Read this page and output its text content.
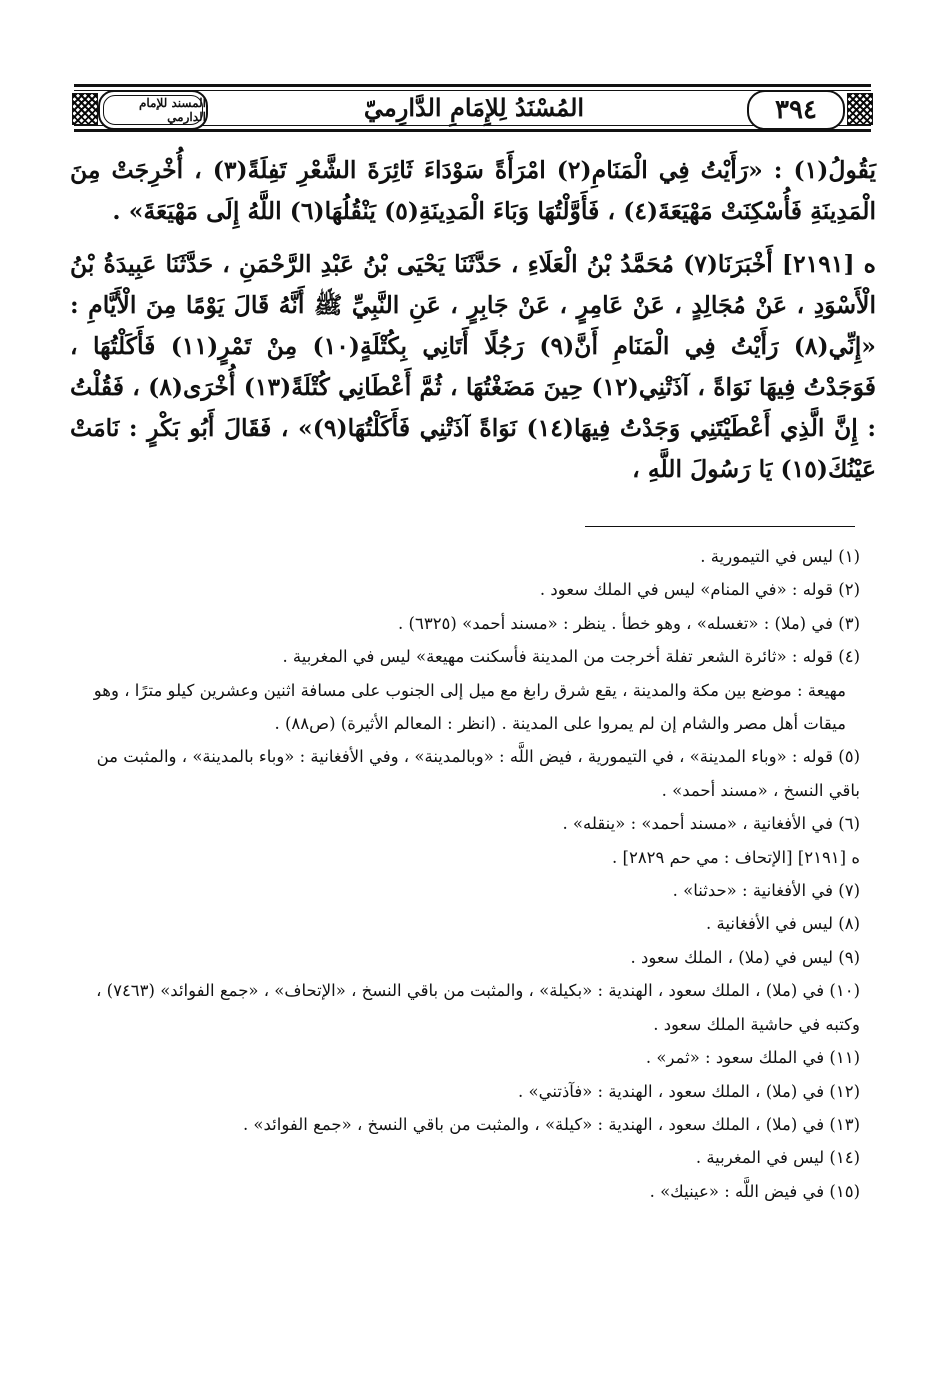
المسند للإمام الدارمي	المُسْنَدُ لِلإِمَامِ الدَّارِميّ	٣٩٤

يَقُولُ(١) : «رَأَيْتُ فِي الْمَنَامِ(٢) امْرَأَةً سَوْدَاءَ ثَائِرَةَ الشَّعْرِ تَفِلَةً(٣) ، أُخْرِجَتْ مِنَ الْمَدِينَةِ فَأُسْكِنَتْ مَهْيَعَةَ(٤) ، فَأَوَّلْتُهَا وَبَاءَ الْمَدِينَةِ(٥) يَنْقُلُهَا(٦) اللَّهُ إِلَى مَهْيَعَةَ» .

ه [٢١٩١] أَخْبَرَنَا(٧) مُحَمَّدُ بْنُ الْعَلَاءِ ، حَدَّثَنَا يَحْيَى بْنُ عَبْدِ الرَّحْمَنِ ، حَدَّثَنَا عَبِيدَةُ بْنُ الْأَسْوَدِ ، عَنْ مُجَالِدٍ ، عَنْ عَامِرٍ ، عَنْ جَابِرٍ ، عَنِ النَّبِيِّ ﷺ أَنَّهُ قَالَ يَوْمًا مِنَ الْأَيَّامِ : «إِنِّي(٨) رَأَيْتُ فِي الْمَنَامِ أَنَّ(٩) رَجُلًا أَتَانِي بِكُتْلَةٍ(١٠) مِنْ تَمْرٍ(١١) فَأَكَلْتُهَا ، فَوَجَدْتُ فِيهَا نَوَاةً ، آذَتْنِي(١٢) حِينَ مَضَغْتُهَا ، ثُمَّ أَعْطَانِي كُتْلَةً(١٣) أُخْرَى(٨) ، فَقُلْتُ : إِنَّ الَّذِي أَعْطَيْتَنِي وَجَدْتُ فِيهَا(١٤) نَوَاةً آذَتْنِي فَأَكَلْتُهَا(٩)» ، فَقَالَ أَبُو بَكْرٍ : نَامَتْ عَيْنُكَ(١٥) يَا رَسُولَ اللَّهِ ،

(١) ليس في التيمورية .

(٢) قوله : «في المنام» ليس في الملك سعود .

(٣) في (ملا) : «تغسله» ، وهو خطأ . ينظر : «مسند أحمد» (٦٣٢٥) .

(٤) قوله : «ثائرة الشعر تفلة أخرجت من المدينة فأسكنت مهيعة» ليس في المغربية .

مهيعة : موضع بين مكة والمدينة ، يقع شرق رابغ مع ميل إلى الجنوب على مسافة اثنين وعشرين كيلو مترًا ، وهو ميقات أهل مصر والشام إن لم يمروا على المدينة . (انظر : المعالم الأثيرة) (ص٨٨) .

(٥) قوله : «وباء المدينة» ، في التيمورية ، فيض اللَّه : «وبالمدينة» ، وفي الأفغانية : «وباء بالمدينة» ، والمثبت من باقي النسخ ، «مسند أحمد» .

(٦) في الأفغانية ، «مسند أحمد» : «ينقله» .

ه [٢١٩١] [الإتحاف : مي حم ٢٨٢٩] .

(٧) في الأفغانية : «حدثنا» .

(٨) ليس في الأفغانية .

(٩) ليس في (ملا) ، الملك سعود .

(١٠) في (ملا) ، الملك سعود ، الهندية : «بكيلة» ، والمثبت من باقي النسخ ، «الإتحاف» ، «جمع الفوائد» (٧٤٦٣) ، وكتبه في حاشية الملك سعود .

(١١) في الملك سعود : «ثمر» .

(١٢) في (ملا) ، الملك سعود ، الهندية : «فآذتني» .

(١٣) في (ملا) ، الملك سعود ، الهندية : «كيلة» ، والمثبت من باقي النسخ ، «جمع الفوائد» .

(١٤) ليس في المغربية .

(١٥) في فيض اللَّه : «عينيك» .
